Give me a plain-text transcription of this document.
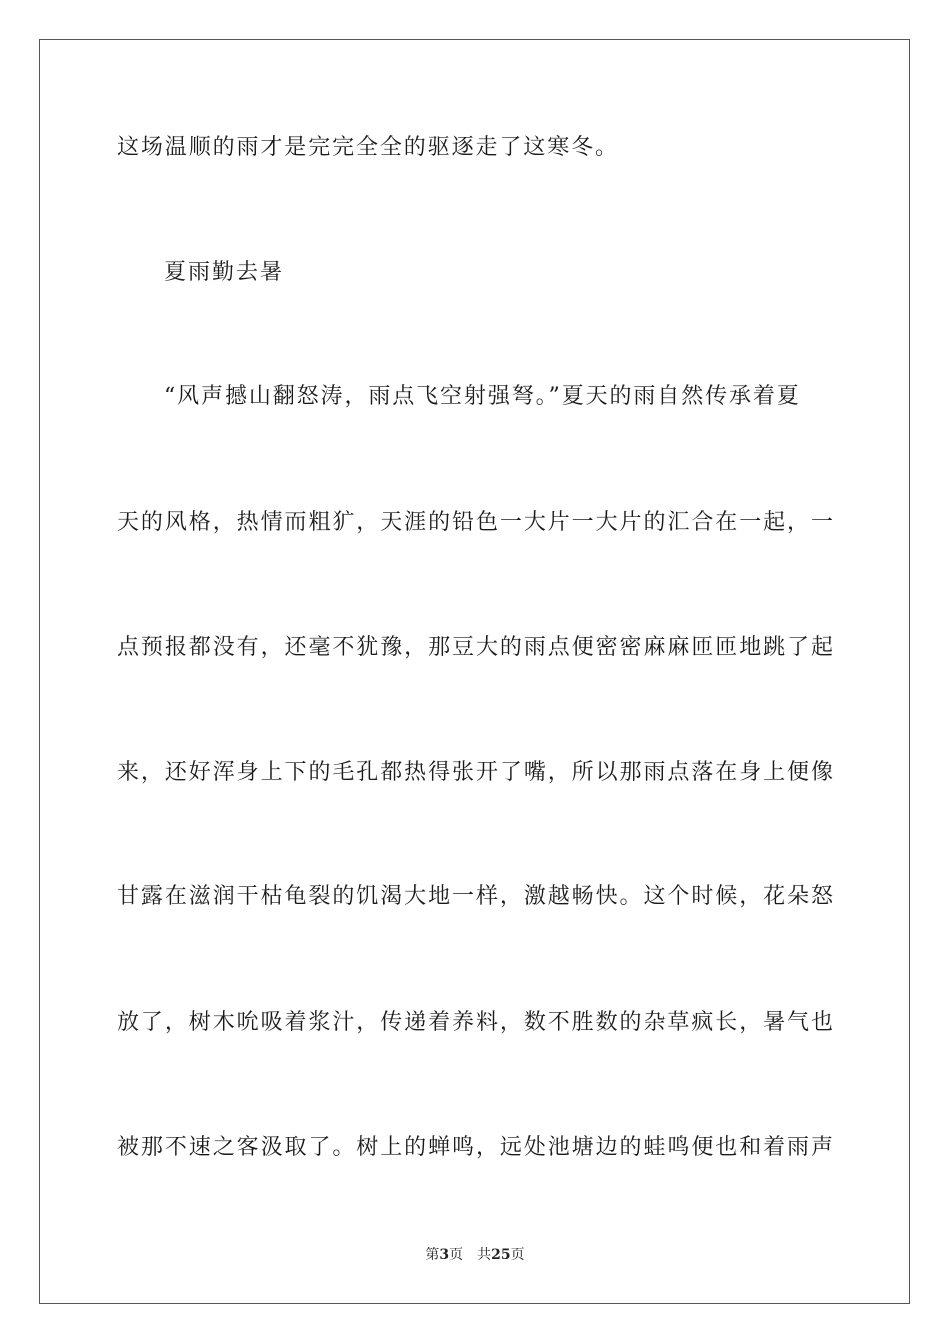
这场温顺的雨才是完完全全的驱逐走了这寒冬。
夏雨勤去暑
“风声撼山翻怒涛，雨点飞空射强弩。”夏天的雨自然传承着夏
天的风格，热情而粗犷，天涯的铅色一大片一大片的汇合在一起，一
点预报都没有，还毫不犹豫，那豆大的雨点便密密麻麻匝匝地跳了起
来，还好浑身上下的毛孔都热得张开了嘴，所以那雨点落在身上便像
甘露在滋润干枯龟裂的饥渴大地一样，激越畅快。这个时候，花朵怒
放了，树木吮吸着浆汁，传递着养料，数不胜数的杂草疯长，暑气也
被那不速之客汲取了。树上的蝉鸣，远处池塘边的蛙鸣便也和着雨声
第3页 共25页
